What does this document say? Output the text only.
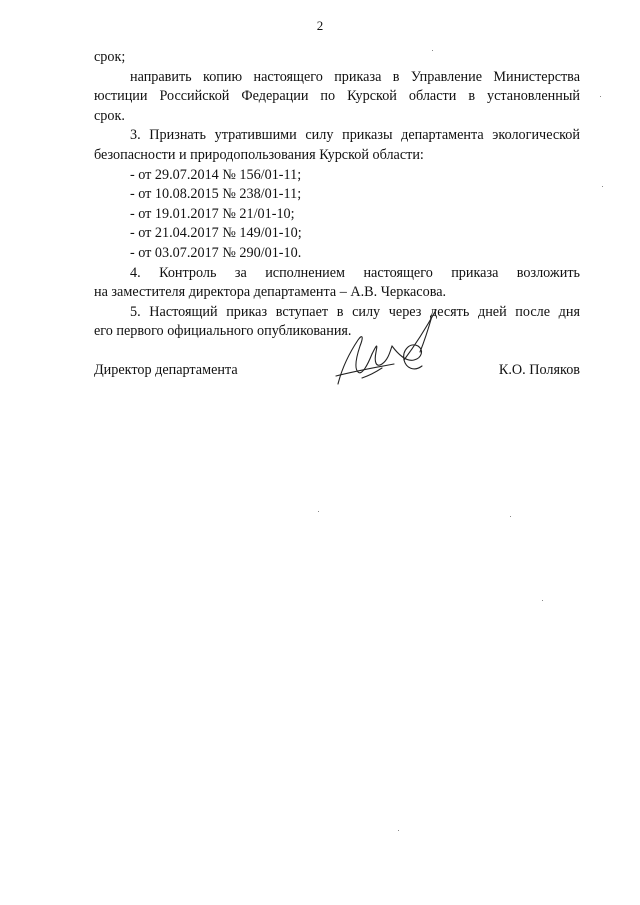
2
срок;
направить копию настоящего приказа в Управление Министерства
юстиции Российской Федерации по Курской области в установленный
срок.
3. Признать утратившими силу приказы департамента экологической
безопасности и природопользования Курской области:
- от 29.07.2014 № 156/01-11;
- от 10.08.2015 № 238/01-11;
- от 19.01.2017 № 21/01-10;
- от 21.04.2017 № 149/01-10;
- от 03.07.2017 № 290/01-10.
4. Контроль за исполнением настоящего приказа возложить
на заместителя директора департамента – А.В. Черкасова.
5. Настоящий приказ вступает в силу через десять дней после дня
его первого официального опубликования.
Директор департамента	К.О. Поляков
